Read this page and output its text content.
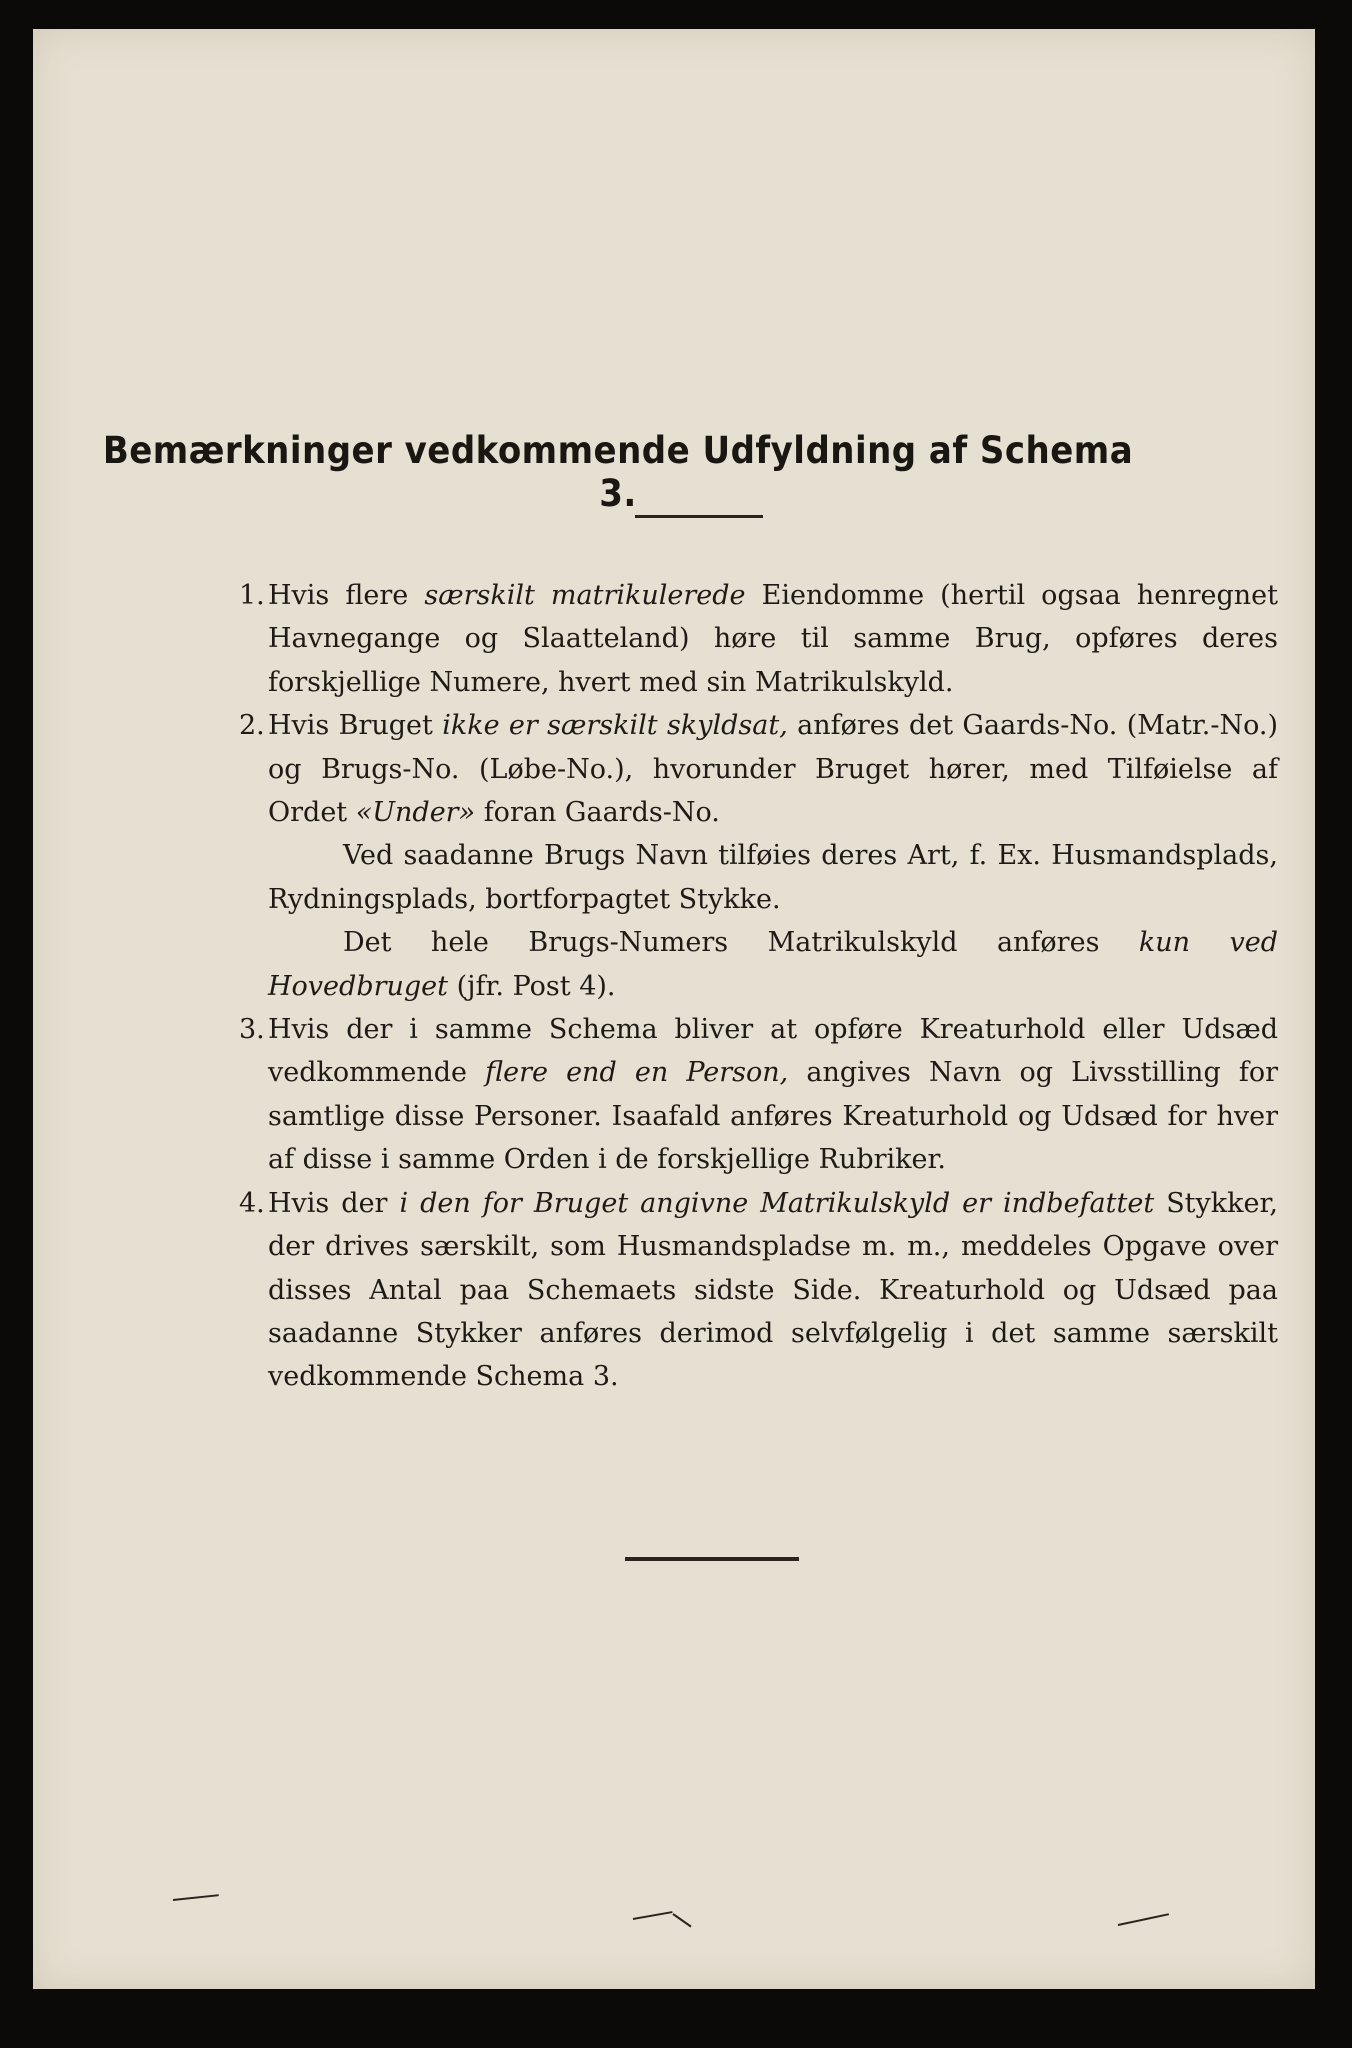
Bemærkninger vedkommende Udfyldning af Schema 3.
1. Hvis flere særskilt matrikulerede Eiendomme (hertil ogsaa henregnet Havnegange og Slaatteland) høre til samme Brug, opføres deres forskjellige Numere, hvert med sin Matrikulskyld.

2. Hvis Bruget ikke er særskilt skyldsat, anføres det Gaards-No. (Matr.-No.) og Brugs-No. (Løbe-No.), hvorunder Bruget hører, med Tilføielse af Ordet «Under» foran Gaards-No.

Ved saadanne Brugs Navn tilføies deres Art, f. Ex. Husmandsplads, Rydningsplads, bortforpagtet Stykke.

Det hele Brugs-Numers Matrikulskyld anføres kun ved Hovedbruget (jfr. Post 4).

3. Hvis der i samme Schema bliver at opføre Kreaturhold eller Udsæd vedkommende flere end en Person, angives Navn og Livsstilling for samtlige disse Personer. Isaafald anføres Kreaturhold og Udsæd for hver af disse i samme Orden i de forskjellige Rubriker.

4. Hvis der i den for Bruget angivne Matrikulskyld er indbefattet Stykker, der drives særskilt, som Husmandspladse m. m., meddeles Opgave over disses Antal paa Schemaets sidste Side. Kreaturhold og Udsæd paa saadanne Stykker anføres derimod selvfølgelig i det samme særskilt vedkommende Schema 3.
